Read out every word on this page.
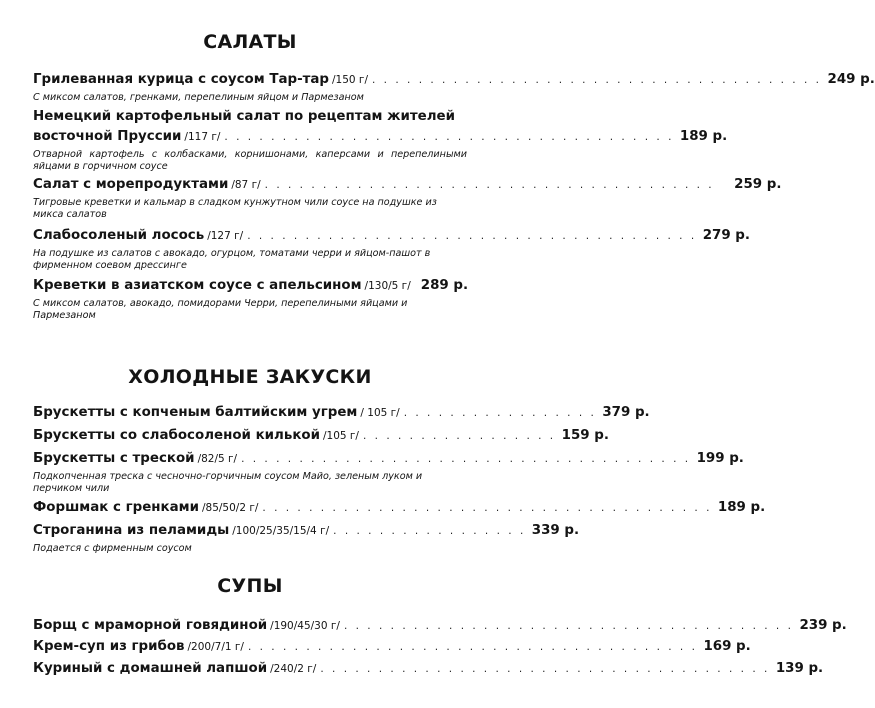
САЛАТЫ
Грилеванная курица с соусом Тар-тар /150 г/ . . . . . . . . . . . . . . . . . . . . . . . . . . . . . . . . . . . . . . . 249 р.
С миксом салатов, гренками, перепелиным яйцом и Пармезаном
Немецкий картофельный салат по рецептам жителей
восточной Пруссии /117 г/ . . . . . . . . . . . . . . . . . . . . . . . . . . . . . . . . . . . . . . . 189 р.
Отварной картофель с колбасками, корнишонами, каперсами и перепелиными яйцами в горчичном соусе
Салат с морепродуктами /87 г/ . . . . . . . . . . . . . . . . . . . . . . . . . . . . . . . . . . . . . . . 259 р.
Тигровые креветки и кальмар в сладком кунжутном чили соусе на подушке из микса салатов
Слабосоленый лосось /127 г/ . . . . . . . . . . . . . . . . . . . . . . . . . . . . . . . . . . . . . . . 279 р.
На подушке из салатов с авокадо, огурцом, томатами черри и яйцом-пашот в фирменном соевом дрессинге
Креветки в азиатском соусе с апельсином /130/5 г/ 289 р.
С миксом салатов, авокадо, помидорами Черри, перепелиными яйцами и Пармезаном
ХОЛОДНЫЕ ЗАКУСКИ
Брускетты с копченым балтийским угрем / 105 г/ . . . . . . . . . . . . . . . . . 379 р.
Брускетты со слабосоленой килькой /105 г/ . . . . . . . . . . . . . . . . . 159 р.
Брускетты с треской /82/5 г/ . . . . . . . . . . . . . . . . . . . . . . . . . . . . . . . . . . . . . . . 199 р.
Подкопченная треска с чесночно-горчичным соусом Майо, зеленым луком и перчиком чили
Форшмак с гренками /85/50/2 г/ . . . . . . . . . . . . . . . . . . . . . . . . . . . . . . . . . . . . . . . 189 р.
Строганина из пеламиды /100/25/35/15/4 г/ . . . . . . . . . . . . . . . . . 339 р.
Подается с фирменным соусом
СУПЫ
Борщ с мраморной говядиной /190/45/30 г/ . . . . . . . . . . . . . . . . . . . . . . . . . . . . . . . . . . . . . . . 239 р.
Крем-суп из грибов /200/7/1 г/ . . . . . . . . . . . . . . . . . . . . . . . . . . . . . . . . . . . . . . . 169 р.
Куриный с домашней лапшой /240/2 г/ . . . . . . . . . . . . . . . . . . . . . . . . . . . . . . . . . . . . . . . 139 р.
